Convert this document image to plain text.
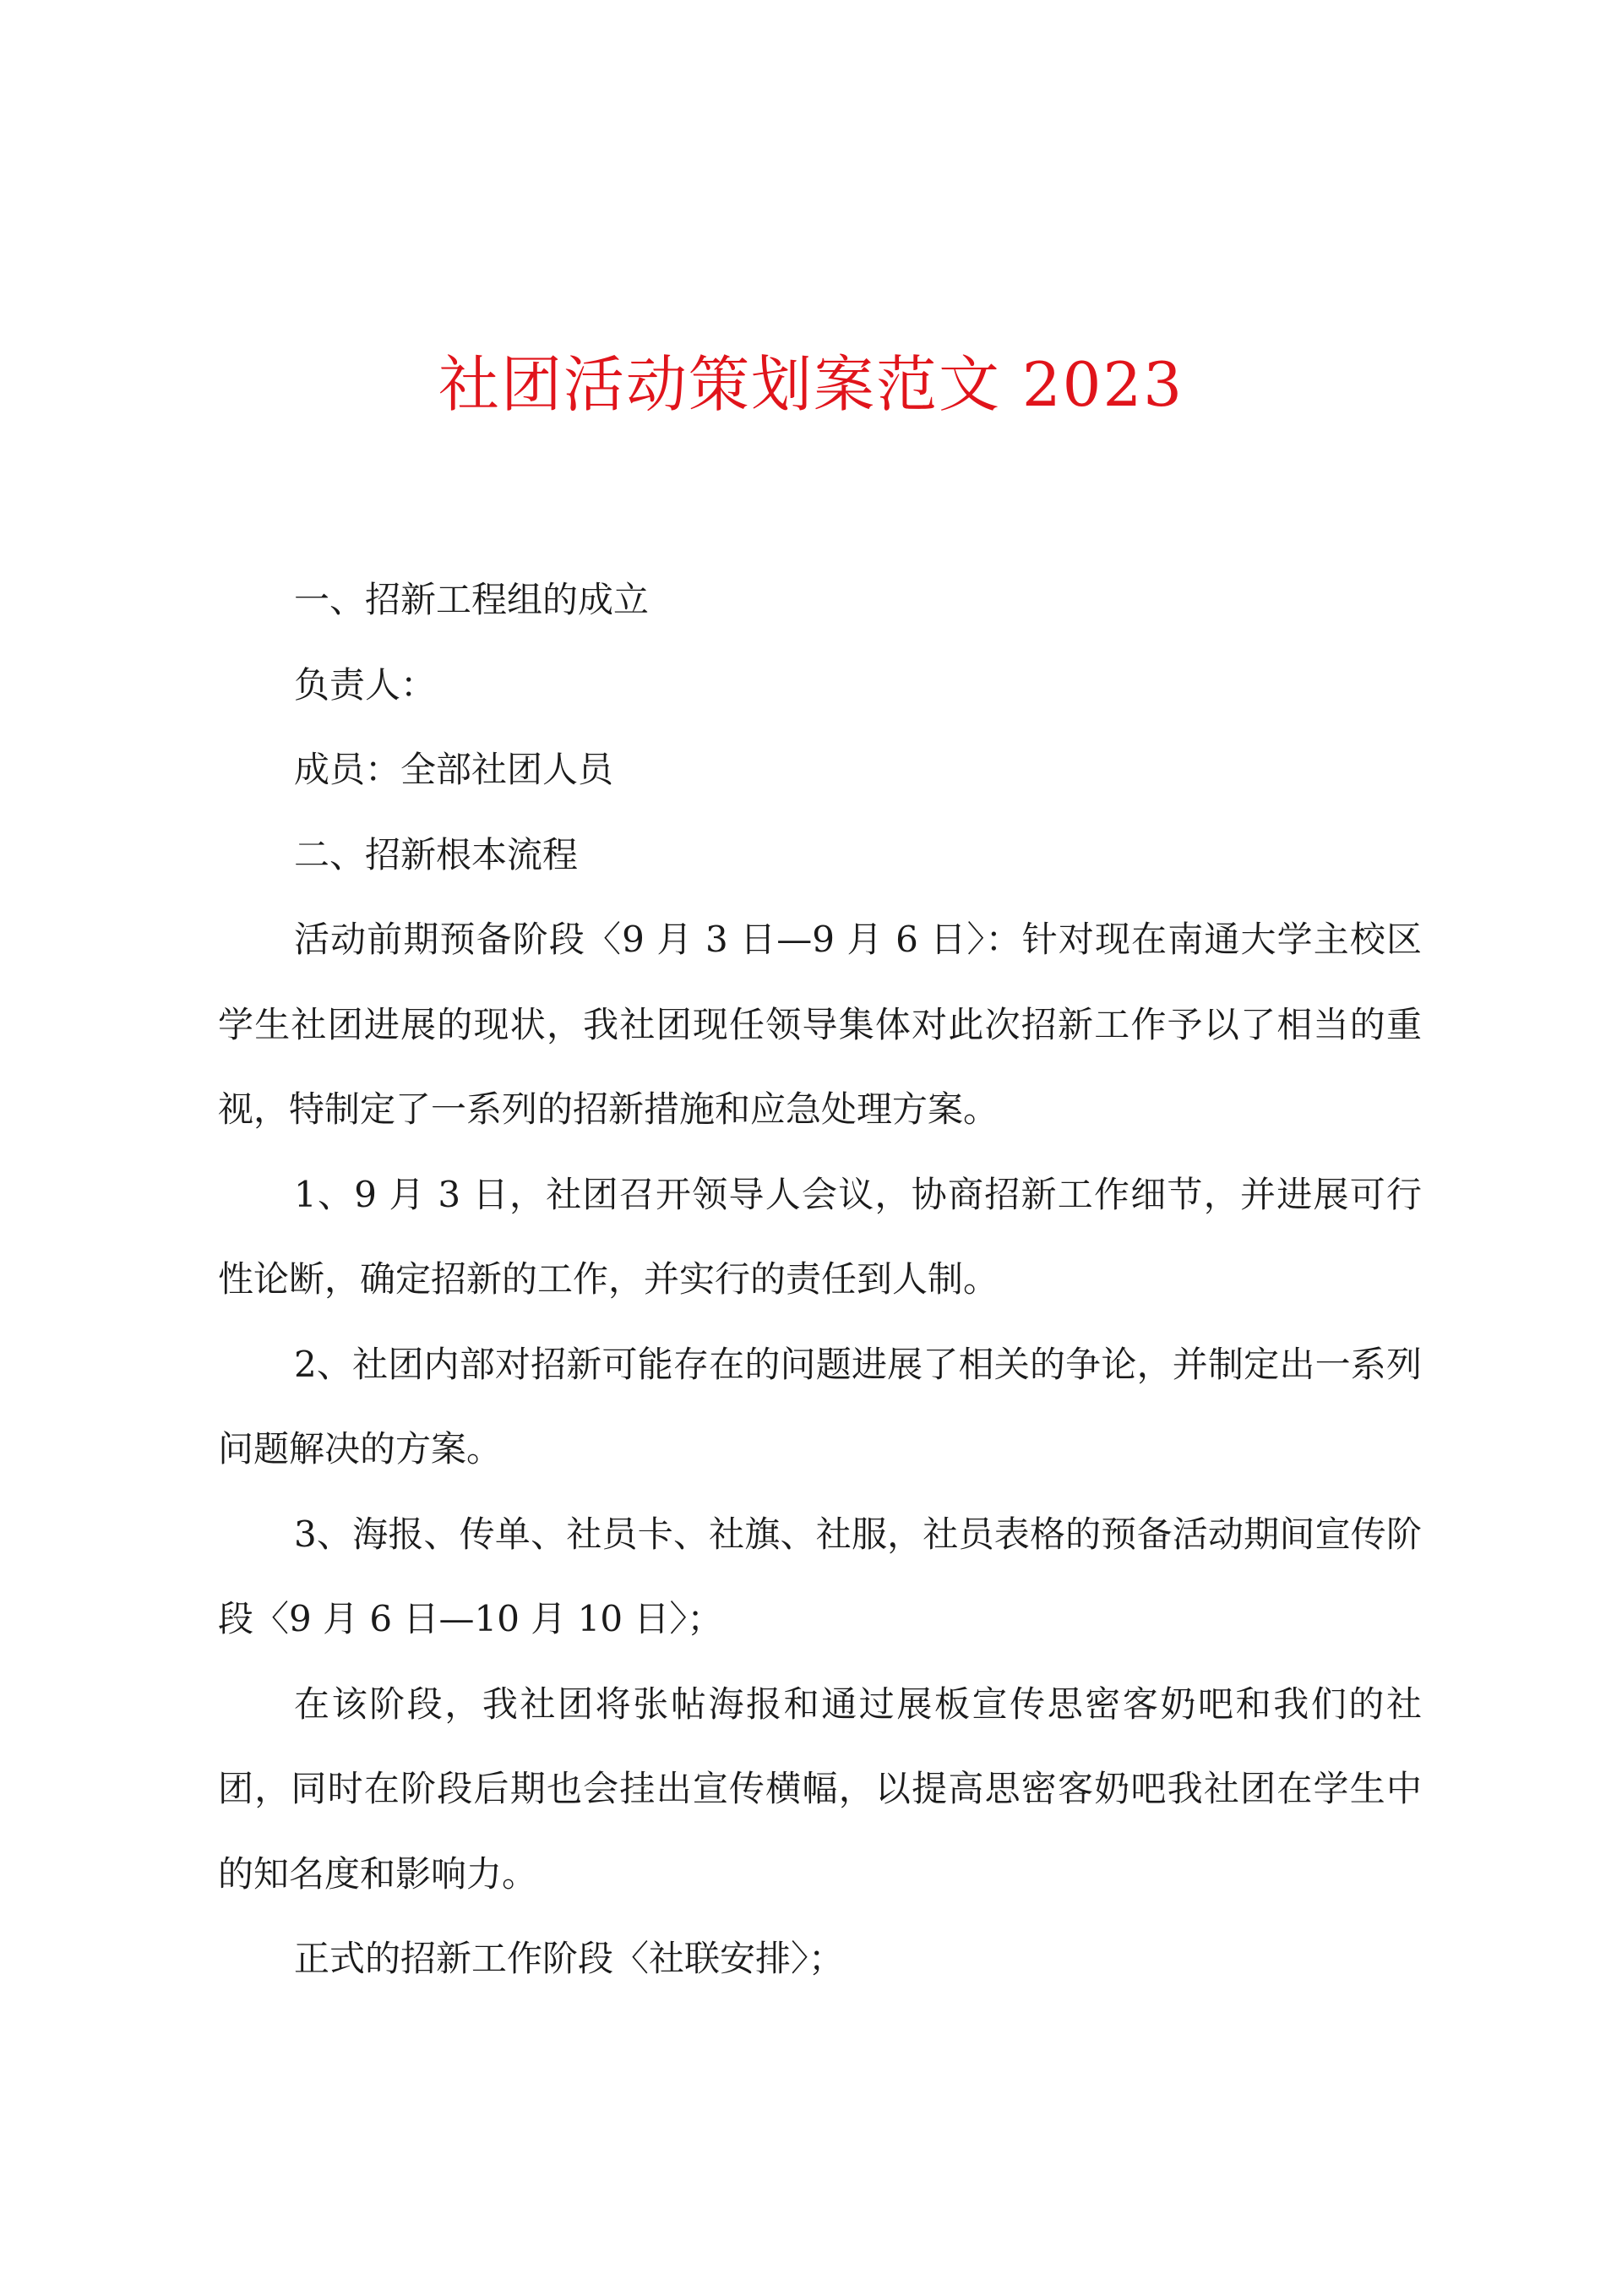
社团活动策划案范文 2023

一、招新工程组的成立

负责人：

成员：全部社团人员

二、招新根本流程

活动前期预备阶段〈9 月 3 日—9 月 6 日〉：针对现在南通大学主校区学生社团进展的现状，我社团现任领导集体对此次招新工作予以了相当的重视，特制定了一系列的招新措施和应急处理方案。

1、9 月 3 日，社团召开领导人会议，协商招新工作细节，并进展可行性论断，确定招新的工作，并实行的责任到人制。

2、社团内部对招新可能存在的问题进展了相关的争论，并制定出一系列问题解决的方案。

3、海报、传单、社员卡、社旗、社服，社员表格的预备活动期间宣传阶段〈9 月 6 日—10 月 10 日〉；

在该阶段，我社团将张帖海报和通过展板宣传思密客奶吧和我们的社团，同时在阶段后期也会挂出宣传横幅，以提高思密客奶吧我社团在学生中的知名度和影响力。

正式的招新工作阶段〈社联安排〉；
